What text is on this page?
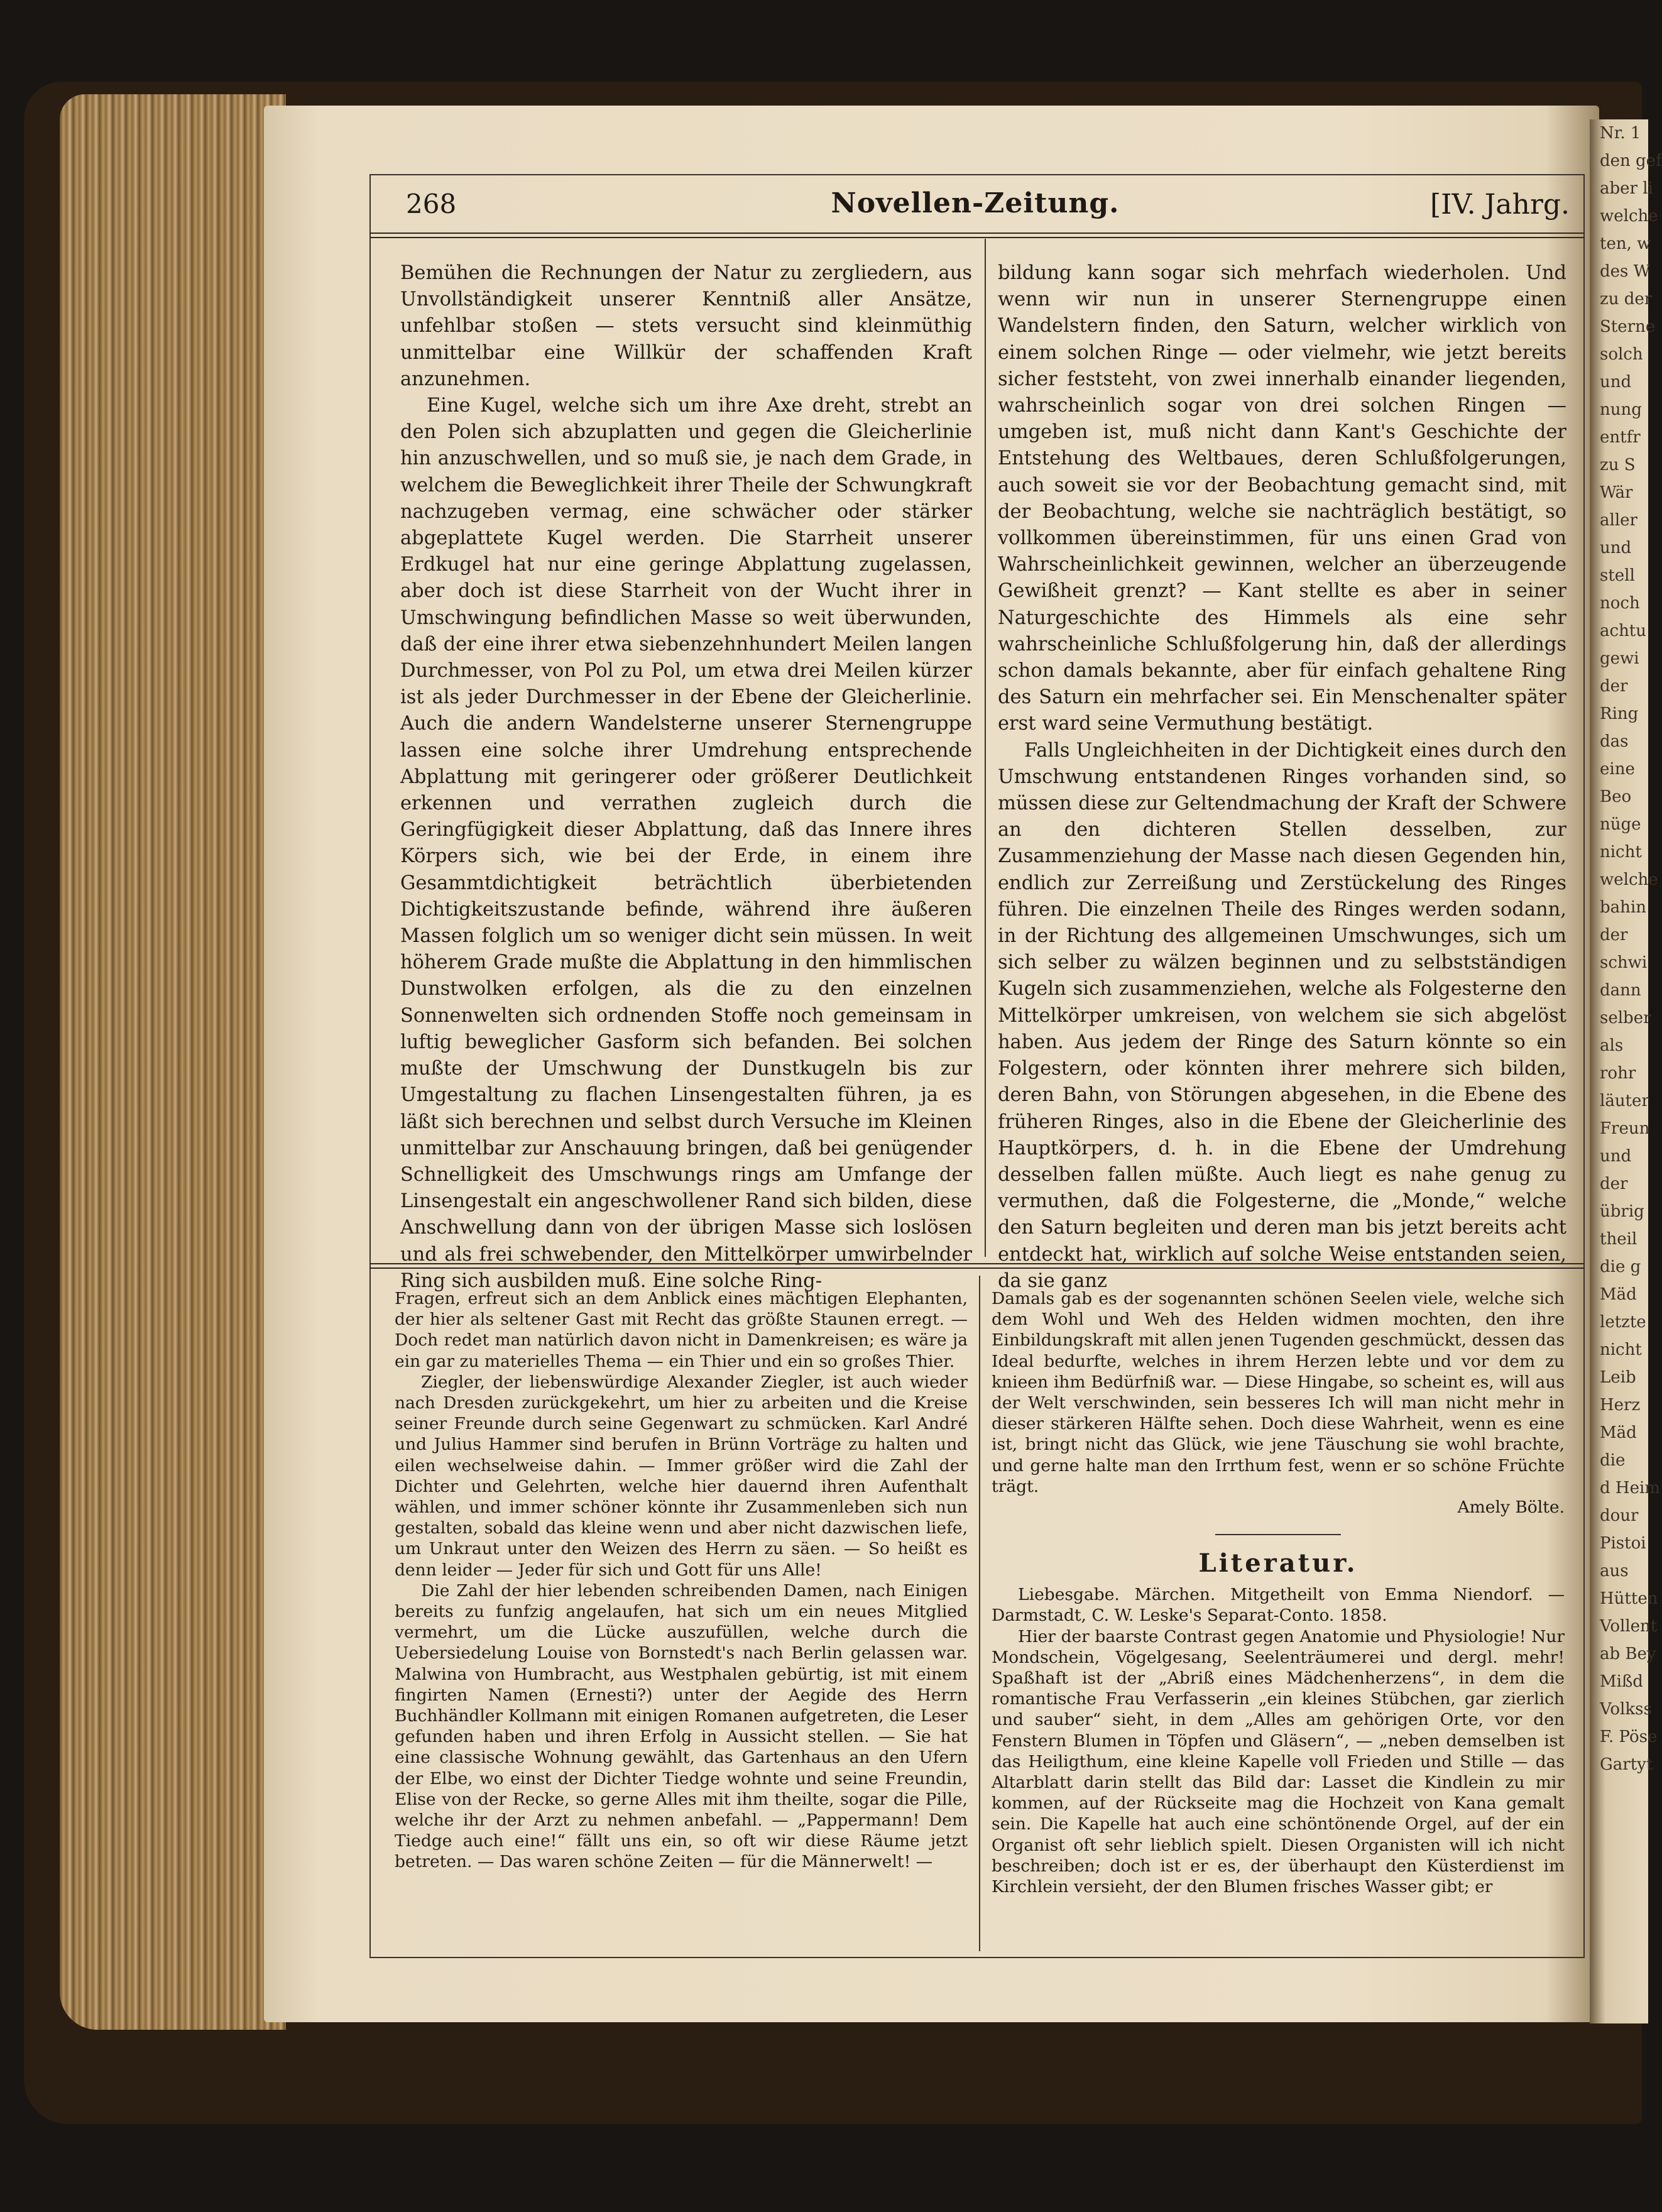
Nr. 1
den gef
aber li
welche
ten, w
des W
zu der
Sterne
solch
und
nung
entfr
zu S
Wär
aller
und
stell
noch
achtu
gewi
der
Ring
das
eine
Beo
nüge
nicht
welche
bahin
der
schwi
dann
selber
als
rohr
läuter
Freun
und
der
übrig
theil
die g
Mäd
letzte
nicht
Leib
Herz
Mäd
die
d Heim
dour
Pistoi
aus
Hütten
Vollent
ab Bey
Mißd
Volkss
F. Pöse
Gartyt
268	Novellen-Zeitung.	[IV. Jahrg.

Bemühen die Rechnungen der Natur zu zergliedern, aus Unvollständigkeit unserer Kenntniß aller Ansätze, unfehlbar stoßen — stets versucht sind kleinmüthig unmittelbar eine Willkür der schaffenden Kraft anzunehmen.

Eine Kugel, welche sich um ihre Axe dreht, strebt an den Polen sich abzuplatten und gegen die Gleicherlinie hin anzuschwellen, und so muß sie, je nach dem Grade, in welchem die Beweglichkeit ihrer Theile der Schwungkraft nachzugeben vermag, eine schwächer oder stärker abgeplattete Kugel werden. Die Starrheit unserer Erdkugel hat nur eine geringe Abplattung zugelassen, aber doch ist diese Starrheit von der Wucht ihrer in Umschwingung befindlichen Masse so weit überwunden, daß der eine ihrer etwa siebenzehnhundert Meilen langen Durchmesser, von Pol zu Pol, um etwa drei Meilen kürzer ist als jeder Durchmesser in der Ebene der Gleicherlinie. Auch die andern Wandelsterne unserer Sternengruppe lassen eine solche ihrer Umdrehung entsprechende Abplattung mit geringerer oder größerer Deutlichkeit erkennen und verrathen zugleich durch die Geringfügigkeit dieser Abplattung, daß das Innere ihres Körpers sich, wie bei der Erde, in einem ihre Gesammtdichtigkeit beträchtlich überbietenden Dichtigkeitszustande befinde, während ihre äußeren Massen folglich um so weniger dicht sein müssen. In weit höherem Grade mußte die Abplattung in den himmlischen Dunstwolken erfolgen, als die zu den einzelnen Sonnenwelten sich ordnenden Stoffe noch gemeinsam in luftig beweglicher Gasform sich befanden. Bei solchen mußte der Umschwung der Dunstkugeln bis zur Umgestaltung zu flachen Linsengestalten führen, ja es läßt sich berechnen und selbst durch Versuche im Kleinen unmittelbar zur Anschauung bringen, daß bei genügender Schnelligkeit des Umschwungs rings am Umfange der Linsengestalt ein angeschwollener Rand sich bilden, diese Anschwellung dann von der übrigen Masse sich loslösen und als frei schwebender, den Mittelkörper umwirbelnder Ring sich ausbilden muß. Eine solche Ring-

bildung kann sogar sich mehrfach wiederholen. Und wenn wir nun in unserer Sternengruppe einen Wandelstern finden, den Saturn, welcher wirklich von einem solchen Ringe — oder vielmehr, wie jetzt bereits sicher feststeht, von zwei innerhalb einander liegenden, wahrscheinlich sogar von drei solchen Ringen — umgeben ist, muß nicht dann Kant's Geschichte der Entstehung des Weltbaues, deren Schlußfolgerungen, auch soweit sie vor der Beobachtung gemacht sind, mit der Beobachtung, welche sie nachträglich bestätigt, so vollkommen übereinstimmen, für uns einen Grad von Wahrscheinlichkeit gewinnen, welcher an überzeugende Gewißheit grenzt? — Kant stellte es aber in seiner Naturgeschichte des Himmels als eine sehr wahrscheinliche Schlußfolgerung hin, daß der allerdings schon damals bekannte, aber für einfach gehaltene Ring des Saturn ein mehrfacher sei. Ein Menschenalter später erst ward seine Vermuthung bestätigt.

Falls Ungleichheiten in der Dichtigkeit eines durch den Umschwung entstandenen Ringes vorhanden sind, so müssen diese zur Geltendmachung der Kraft der Schwere an den dichteren Stellen desselben, zur Zusammenziehung der Masse nach diesen Gegenden hin, endlich zur Zerreißung und Zerstückelung des Ringes führen. Die einzelnen Theile des Ringes werden sodann, in der Richtung des allgemeinen Umschwunges, sich um sich selber zu wälzen beginnen und zu selbstständigen Kugeln sich zusammenziehen, welche als Folgesterne den Mittelkörper umkreisen, von welchem sie sich abgelöst haben. Aus jedem der Ringe des Saturn könnte so ein Folgestern, oder könnten ihrer mehrere sich bilden, deren Bahn, von Störungen abgesehen, in die Ebene des früheren Ringes, also in die Ebene der Gleicherlinie des Hauptkörpers, d. h. in die Ebene der Umdrehung desselben fallen müßte. Auch liegt es nahe genug zu vermuthen, daß die Folgesterne, die „Monde,“ welche den Saturn begleiten und deren man bis jetzt bereits acht entdeckt hat, wirklich auf solche Weise entstanden seien, da sie ganz

Fragen, erfreut sich an dem Anblick eines mächtigen Elephanten, der hier als seltener Gast mit Recht das größte Staunen erregt. — Doch redet man natürlich davon nicht in Damenkreisen; es wäre ja ein gar zu materielles Thema — ein Thier und ein so großes Thier.

Ziegler, der liebenswürdige Alexander Ziegler, ist auch wieder nach Dresden zurückgekehrt, um hier zu arbeiten und die Kreise seiner Freunde durch seine Gegenwart zu schmücken. Karl André und Julius Hammer sind berufen in Brünn Vorträge zu halten und eilen wechselweise dahin. — Immer größer wird die Zahl der Dichter und Gelehrten, welche hier dauernd ihren Aufenthalt wählen, und immer schöner könnte ihr Zusammenleben sich nun gestalten, sobald das kleine wenn und aber nicht dazwischen liefe, um Unkraut unter den Weizen des Herrn zu säen. — So heißt es denn leider — Jeder für sich und Gott für uns Alle!

Die Zahl der hier lebenden schreibenden Damen, nach Einigen bereits zu funfzig angelaufen, hat sich um ein neues Mitglied vermehrt, um die Lücke auszufüllen, welche durch die Uebersiedelung Louise von Bornstedt's nach Berlin gelassen war. Malwina von Humbracht, aus Westphalen gebürtig, ist mit einem fingirten Namen (Ernesti?) unter der Aegide des Herrn Buchhändler Kollmann mit einigen Romanen aufgetreten, die Leser gefunden haben und ihren Erfolg in Aussicht stellen. — Sie hat eine classische Wohnung gewählt, das Gartenhaus an den Ufern der Elbe, wo einst der Dichter Tiedge wohnte und seine Freundin, Elise von der Recke, so gerne Alles mit ihm theilte, sogar die Pille, welche ihr der Arzt zu nehmen anbefahl. — „Pappermann! Dem Tiedge auch eine!“ fällt uns ein, so oft wir diese Räume jetzt betreten. — Das waren schöne Zeiten — für die Männerwelt! —

Damals gab es der sogenannten schönen Seelen viele, welche sich dem Wohl und Weh des Helden widmen mochten, den ihre Einbildungskraft mit allen jenen Tugenden geschmückt, dessen das Ideal bedurfte, welches in ihrem Herzen lebte und vor dem zu knieen ihm Bedürfniß war. — Diese Hingabe, so scheint es, will aus der Welt verschwinden, sein besseres Ich will man nicht mehr in dieser stärkeren Hälfte sehen. Doch diese Wahrheit, wenn es eine ist, bringt nicht das Glück, wie jene Täuschung sie wohl brachte, und gerne halte man den Irrthum fest, wenn er so schöne Früchte trägt.

Amely Bölte.

Literatur.

Liebesgabe. Märchen. Mitgetheilt von Emma Niendorf. — Darmstadt, C. W. Leske's Separat-Conto. 1858.

Hier der baarste Contrast gegen Anatomie und Physiologie! Nur Mondschein, Vögelgesang, Seelenträumerei und dergl. mehr! Spaßhaft ist der „Abriß eines Mädchenherzens“, in dem die romantische Frau Verfasserin „ein kleines Stübchen, gar zierlich und sauber“ sieht, in dem „Alles am gehörigen Orte, vor den Fenstern Blumen in Töpfen und Gläsern“, — „neben demselben ist das Heiligthum, eine kleine Kapelle voll Frieden und Stille — das Altarblatt darin stellt das Bild dar: Lasset die Kindlein zu mir kommen, auf der Rückseite mag die Hochzeit von Kana gemalt sein. Die Kapelle hat auch eine schöntönende Orgel, auf der ein Organist oft sehr lieblich spielt. Diesen Organisten will ich nicht beschreiben; doch ist er es, der überhaupt den Küsterdienst im Kirchlein versieht, der den Blumen frisches Wasser gibt; er
